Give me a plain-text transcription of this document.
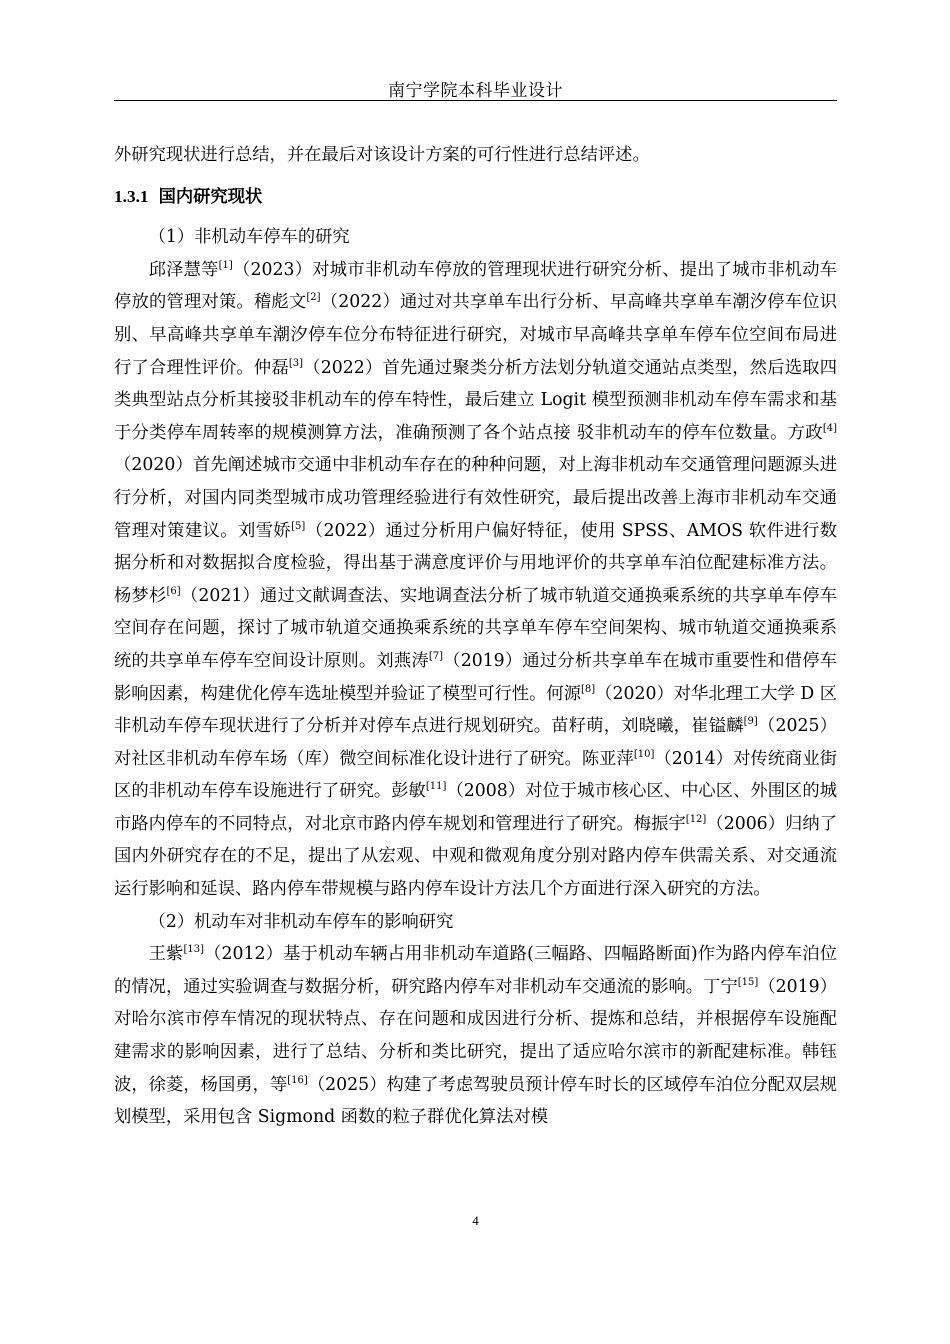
南宁学院本科毕业设计

外研究现状进行总结，并在最后对该设计方案的可行性进行总结评述。

1.3.1 国内研究现状

（1）非机动车停车的研究

邱泽慧等[1]（2023）对城市非机动车停放的管理现状进行研究分析、提出了城市非机动车停放的管理对策。稽彪文[2]（2022）通过对共享单车出行分析、早高峰共享单车潮汐停车位识别、早高峰共享单车潮汐停车位分布特征进行研究，对城市早高峰共享单车停车位空间布局进行了合理性评价。仲磊[3]（2022）首先通过聚类分析方法划分轨道交通站点类型，然后选取四类典型站点分析其接驳非机动车的停车特性，最后建立 Logit 模型预测非机动车停车需求和基于分类停车周转率的规模测算方法，准确预测了各个站点接 驳非机动车的停车位数量。方政[4]（2020）首先阐述城市交通中非机动车存在的种种问题，对上海非机动车交通管理问题源头进行分析，对国内同类型城市成功管理经验进行有效性研究，最后提出改善上海市非机动车交通管理对策建议。刘雪娇[5]（2022）通过分析用户偏好特征，使用 SPSS、AMOS 软件进行数据分析和对数据拟合度检验，得出基于满意度评价与用地评价的共享单车泊位配建标准方法。杨梦杉[6]（2021）通过文献调查法、实地调查法分析了城市轨道交通换乘系统的共享单车停车空间存在问题，探讨了城市轨道交通换乘系统的共享单车停车空间架构、城市轨道交通换乘系统的共享单车停车空间设计原则。刘燕涛[7]（2019）通过分析共享单车在城市重要性和借停车影响因素，构建优化停车选址模型并验证了模型可行性。何源[8]（2020）对华北理工大学 D 区非机动车停车现状进行了分析并对停车点进行规划研究。苗籽萌，刘晓曦，崔镒麟[9]（2025）对社区非机动车停车场（库）微空间标准化设计进行了研究。陈亚萍[10]（2014）对传统商业街区的非机动车停车设施进行了研究。彭敏[11]（2008）对位于城市核心区、中心区、外围区的城市路内停车的不同特点，对北京市路内停车规划和管理进行了研究。梅振宇[12]（2006）归纳了国内外研究存在的不足，提出了从宏观、中观和微观角度分别对路内停车供需关系、对交通流运行影响和延误、路内停车带规模与路内停车设计方法几个方面进行深入研究的方法。

（2）机动车对非机动车停车的影响研究

王紫[13]（2012）基于机动车辆占用非机动车道路(三幅路、四幅路断面)作为路内停车泊位的情况，通过实验调查与数据分析，研究路内停车对非机动车交通流的影响。丁宁[15]（2019）对哈尔滨市停车情况的现状特点、存在问题和成因进行分析、提炼和总结，并根据停车设施配建需求的影响因素，进行了总结、分析和类比研究，提出了适应哈尔滨市的新配建标准。韩钰波，徐菱，杨国勇，等[16]（2025）构建了考虑驾驶员预计停车时长的区域停车泊位分配双层规划模型，采用包含 Sigmond 函数的粒子群优化算法对模

4
